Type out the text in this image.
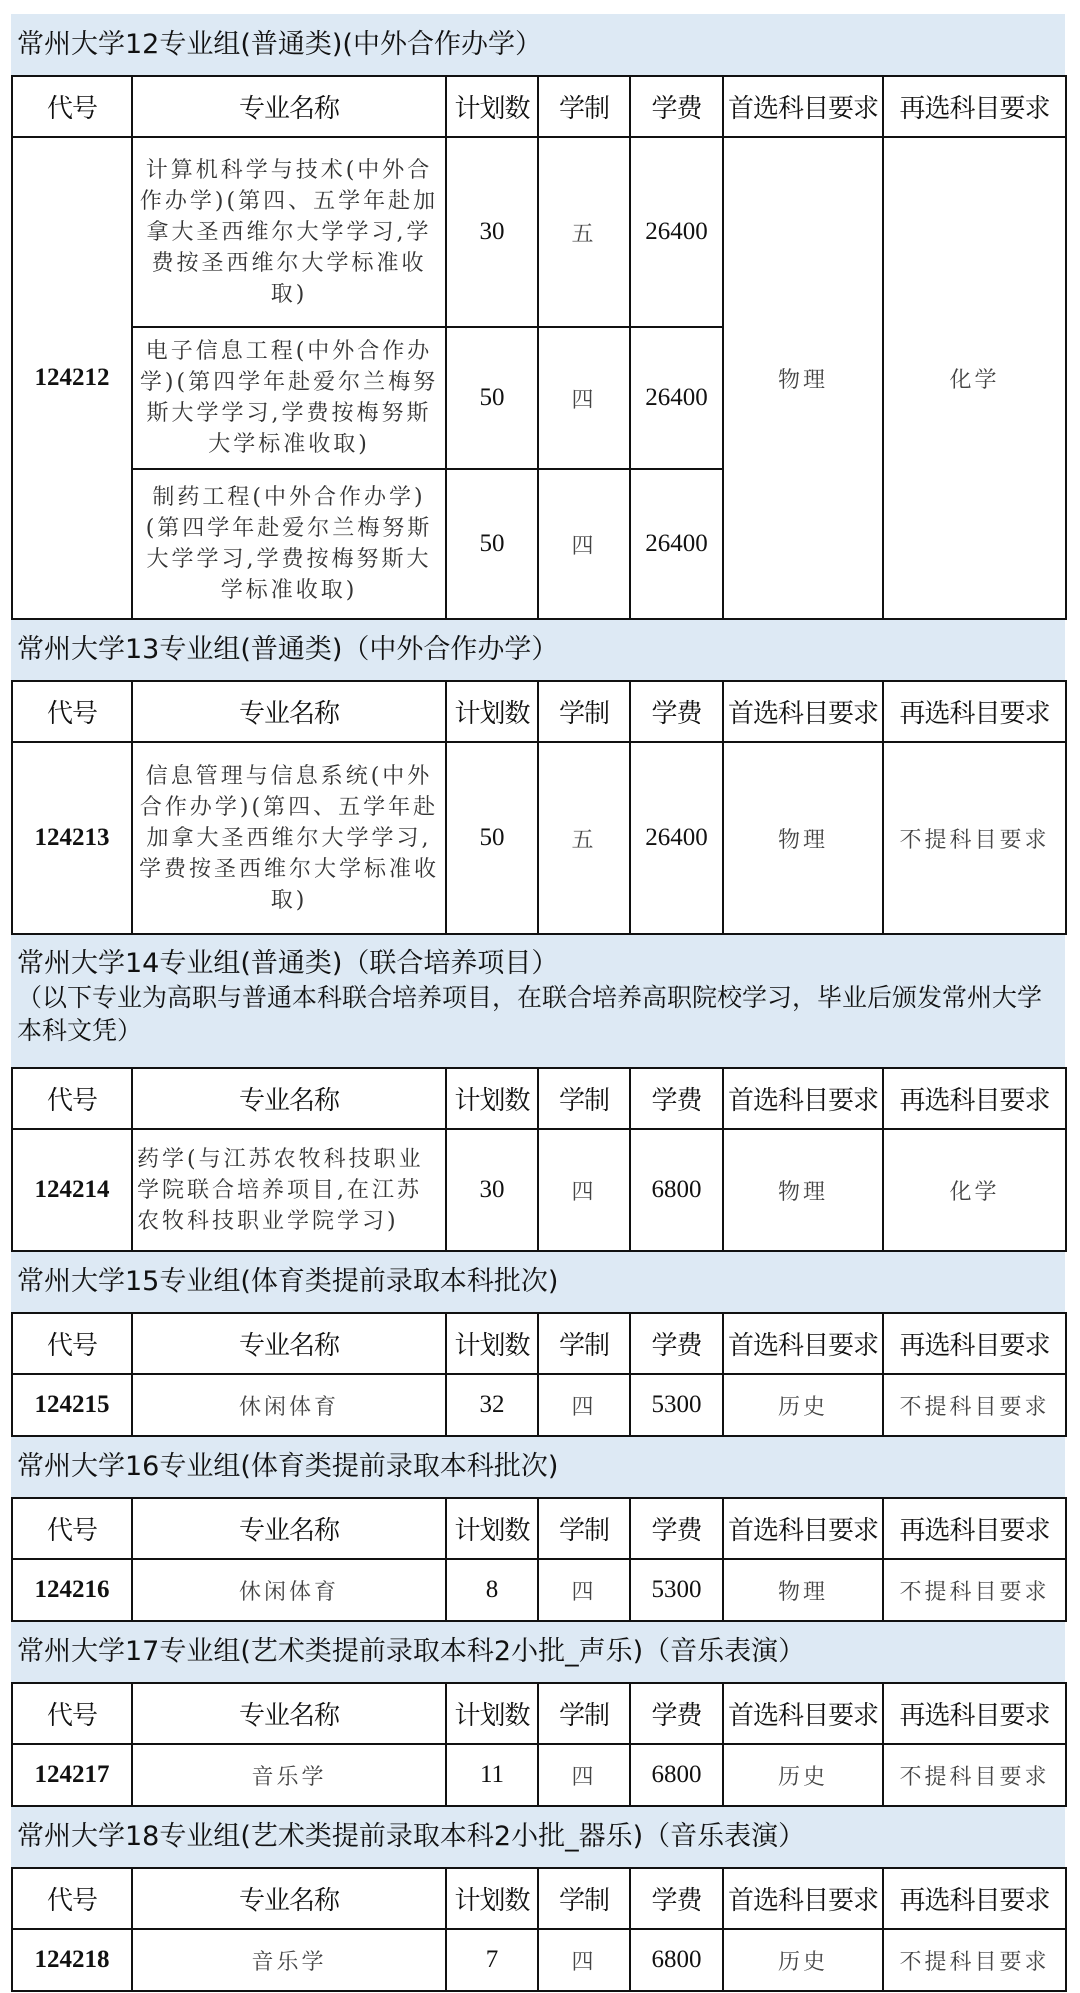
常州大学12专业组(普通类)(中外合作办学）
代号	专业名称	计划数	学制	学费	首选科目要求	再选科目要求
124212	计算机科学与技术(中外合作办学)(第四、五学年赴加拿大圣西维尔大学学习,学费按圣西维尔大学标准收取)	30	五	26400	物理	化学
	电子信息工程(中外合作办学)(第四学年赴爱尔兰梅努斯大学学习,学费按梅努斯大学标准收取)	50	四	26400		
	制药工程(中外合作办学)(第四学年赴爱尔兰梅努斯大学学习,学费按梅努斯大学标准收取)	50	四	26400		
常州大学13专业组(普通类)（中外合作办学）
代号	专业名称	计划数	学制	学费	首选科目要求	再选科目要求
124213	信息管理与信息系统(中外合作办学)(第四、五学年赴加拿大圣西维尔大学学习,学费按圣西维尔大学标准收取)	50	五	26400	物理	不提科目要求
常州大学14专业组(普通类)（联合培养项目）
（以下专业为高职与普通本科联合培养项目，在联合培养高职院校学习，毕业后颁发常州大学本科文凭）
代号	专业名称	计划数	学制	学费	首选科目要求	再选科目要求
124214	药学(与江苏农牧科技职业学院联合培养项目,在江苏农牧科技职业学院学习)	30	四	6800	物理	化学
常州大学15专业组(体育类提前录取本科批次)
代号	专业名称	计划数	学制	学费	首选科目要求	再选科目要求
124215	休闲体育	32	四	5300	历史	不提科目要求
常州大学16专业组(体育类提前录取本科批次)
代号	专业名称	计划数	学制	学费	首选科目要求	再选科目要求
124216	休闲体育	8	四	5300	物理	不提科目要求
常州大学17专业组(艺术类提前录取本科2小批_声乐)（音乐表演）
代号	专业名称	计划数	学制	学费	首选科目要求	再选科目要求
124217	音乐学	11	四	6800	历史	不提科目要求
常州大学18专业组(艺术类提前录取本科2小批_器乐)（音乐表演）
代号	专业名称	计划数	学制	学费	首选科目要求	再选科目要求
124218	音乐学	7	四	6800	历史	不提科目要求
